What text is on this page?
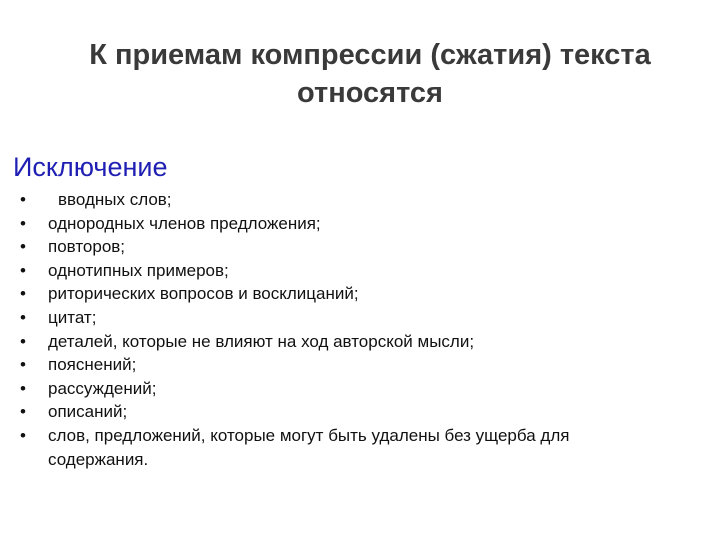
К приемам компрессии (сжатия) текста относятся
Исключение
• вводных слов;
• однородных членов предложения;
• повторов;
• однотипных примеров;
• риторических вопросов и восклицаний;
• цитат;
• деталей, которые не влияют на ход авторской мысли;
• пояснений;
• рассуждений;
• описаний;
• слов, предложений, которые могут быть удалены без ущерба для содержания.
